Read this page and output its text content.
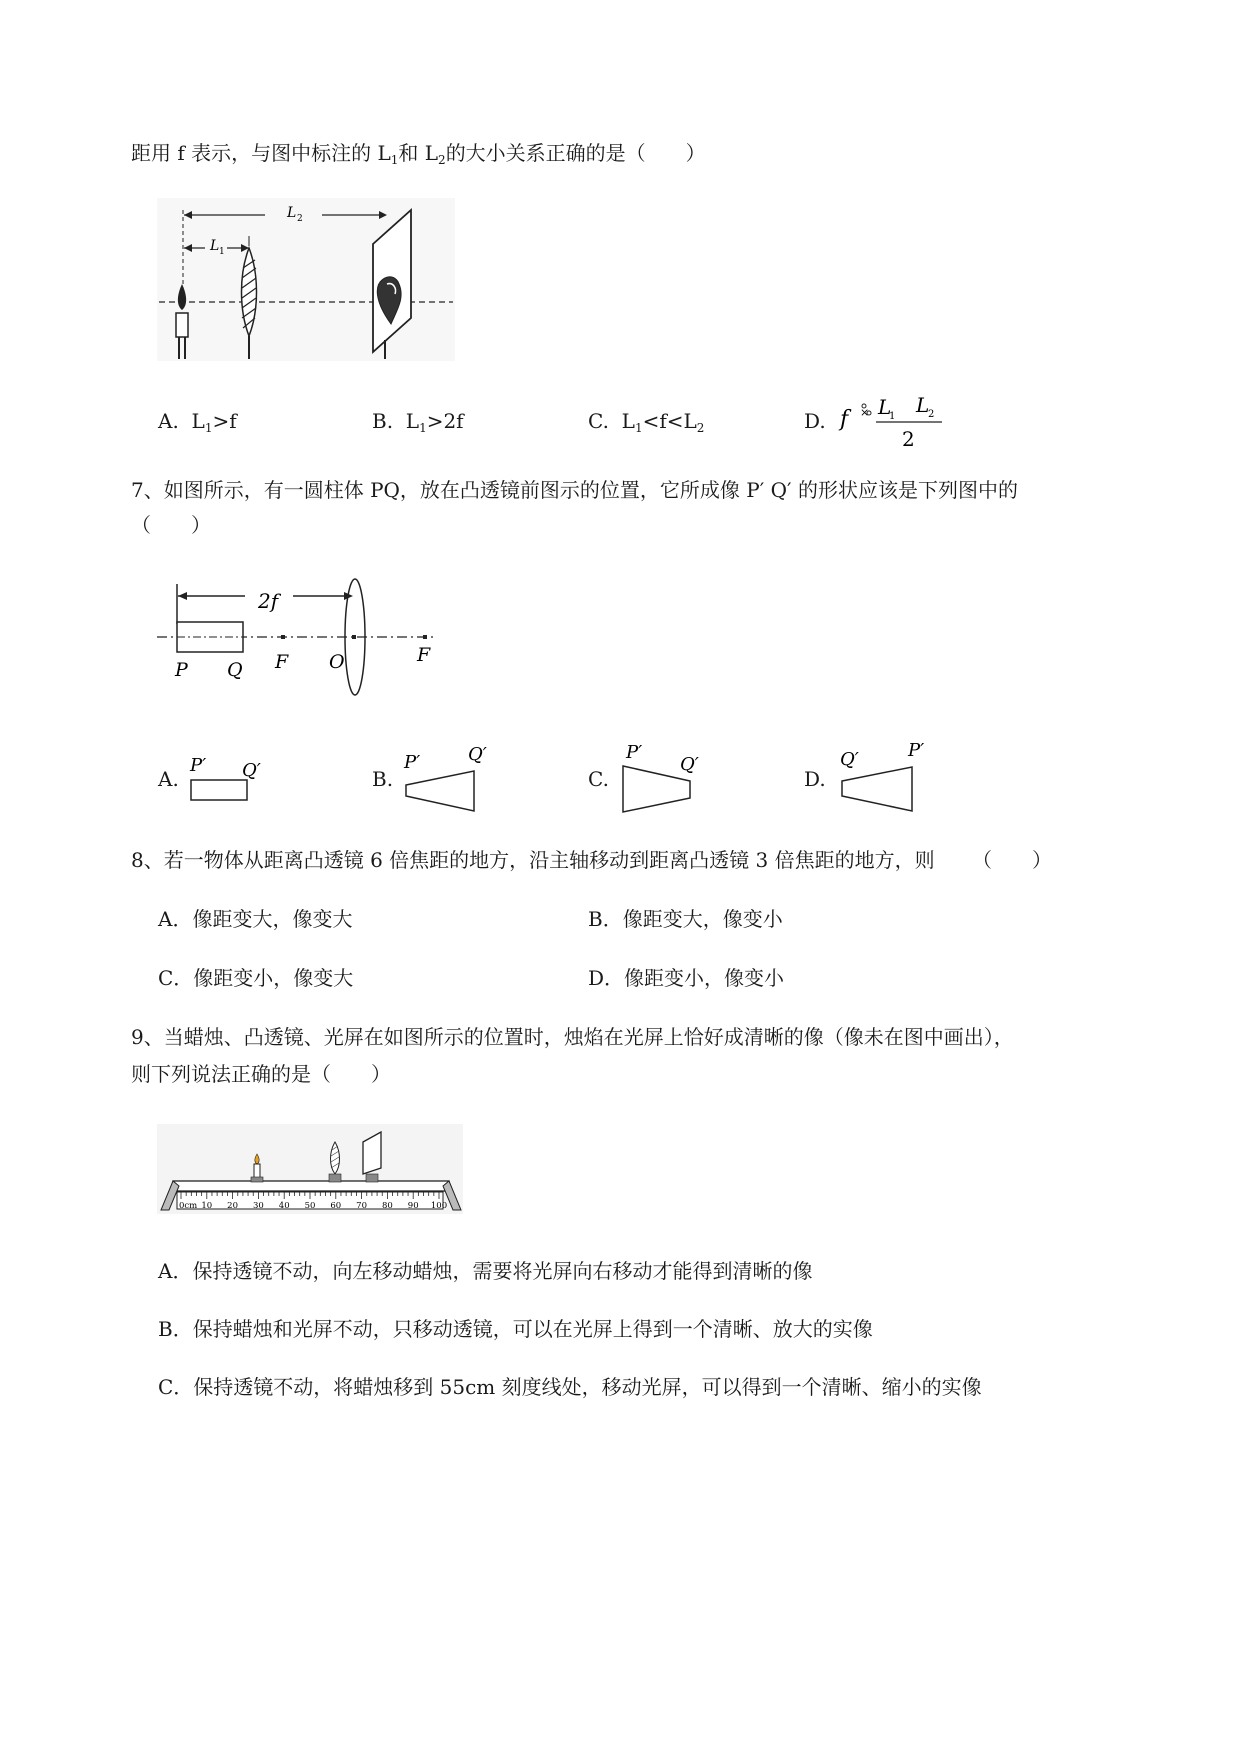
距用 f 表示，与图中标注的 $L_1$和 $L_2$的大小关系正确的是（　　）
L 2
L 1
A. $L_1>f$	B. $L_1>2f$	C. $L_1<f<L_2$	D. f	× L
1 L
2
2
7、如图所示，有一圆柱体 PQ，放在凸透镜前图示的位置，它所成像 P′ Q′ 的形状应该是下列图中的
（　　）
2f
P Q F O	F
A.
P′ Q′	B.
P′	Q′
C.
P′
Q′
D.
Q′	P′
8、若一物体从距离凸透镜 6 倍焦距的地方，沿主轴移动到距离凸透镜 3 倍焦距的地方，则 （　　）
A．像距变大，像变大	B．像距变大，像变小
C．像距变小，像变大	D．像距变小，像变小
9、当蜡烛、凸透镜、光屏在如图所示的位置时，烛焰在光屏上恰好成清晰的像（像未在图中画出），
则下列说法正确的是（　　）
0cm 10 20 30 40 50 60 70 80 90 100
A．保持透镜不动，向左移动蜡烛，需要将光屏向右移动才能得到清晰的像
B．保持蜡烛和光屏不动，只移动透镜，可以在光屏上得到一个清晰、放大的实像
C．保持透镜不动，将蜡烛移到 55cm 刻度线处，移动光屏，可以得到一个清晰、缩小的实像
